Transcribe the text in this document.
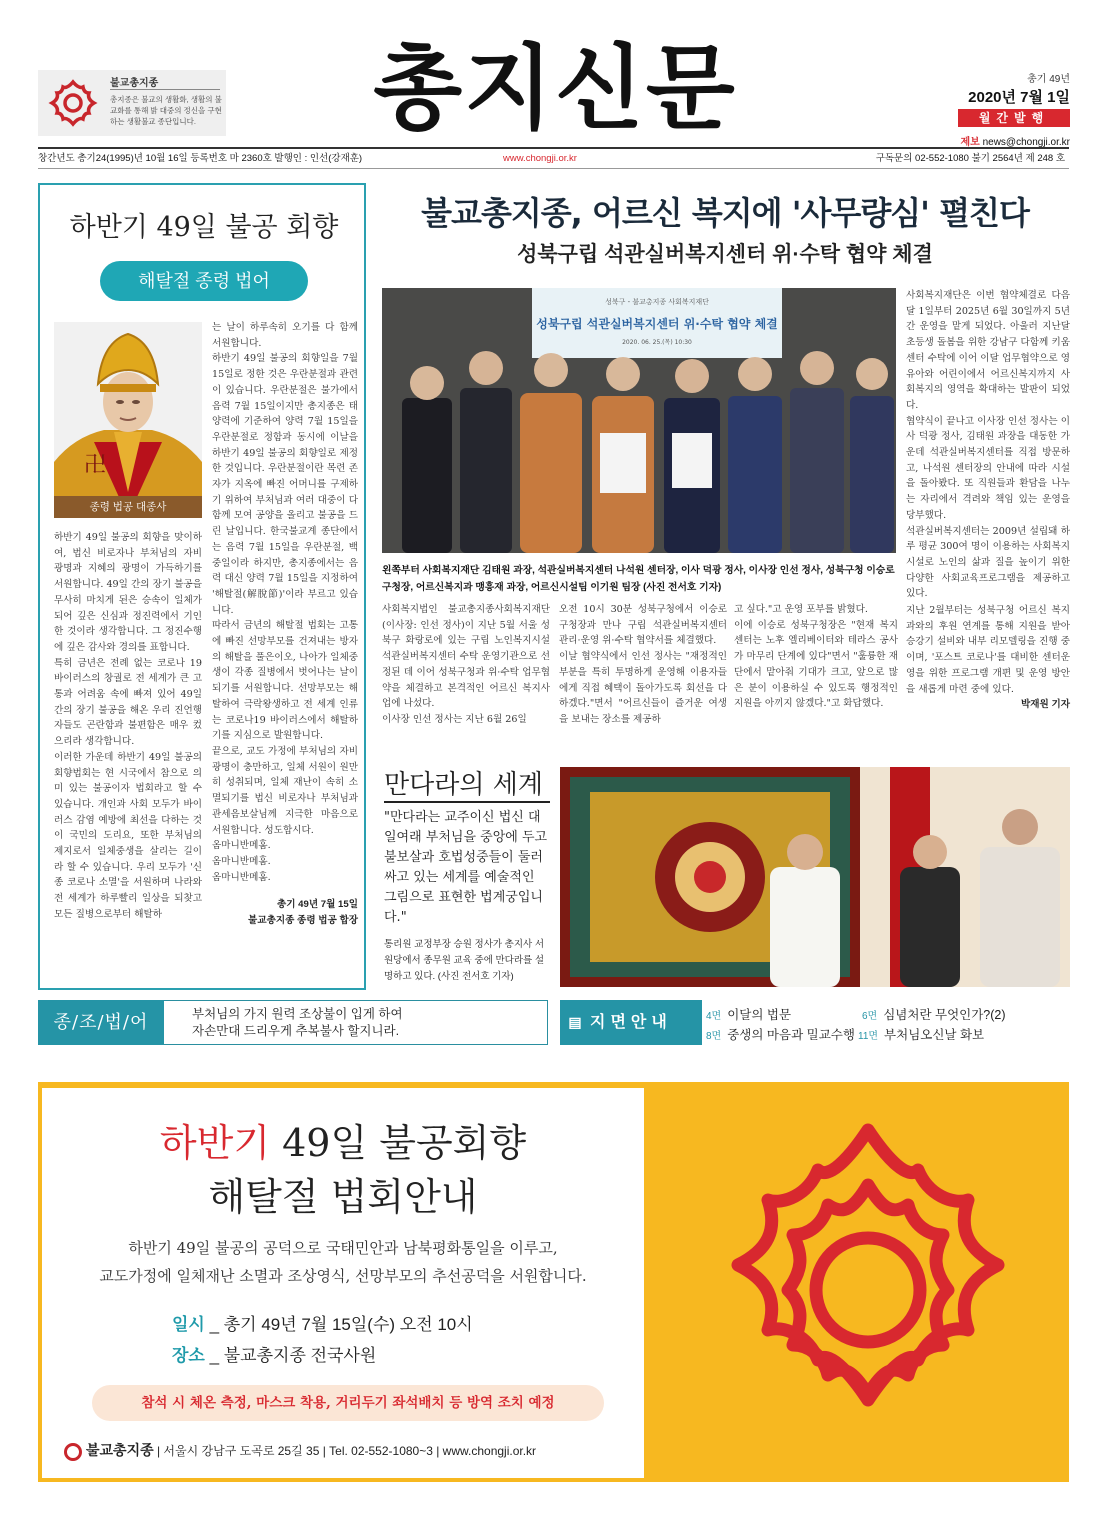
불교총지종
총지종은 불교의 생활화, 생활의 불교화를 통해 밝 대중의 정신을 구현하는 생활불교 종단입니다. 총지신문	총기 49년
2020년 7월 1일
월간발행
제보 news@chongji.or.kr
창간년도 총기24(1995)년 10월 16일 등록번호 마 2360호 발행인 : 인선(강재훈)	www.chongji.or.kr	구독문의 02-552-1080 불기 2564년 제 248 호
하반기 49일 불공 회향
해탈절 종령 법어
卍
종령 법공 대종사
하반기 49일 불공의 회향을 맞이하여, 법신 비로자나 부처님의 자비 광명과 지혜의 광명이 가득하기를 서원합니다. 49일 간의 장기 불공을 무사히 마치게 된은 승속이 일체가 되어 깊은 신심과 정진력에서 기인한 것이라 생각합니다. 그 정진수행에 깊은 감사와 경의를 표합니다.
특히 금년은 전례 없는 코로나 19 바이러스의 창궐로 전 세계가 큰 고통과 어려움 속에 빠져 있어 49일 간의 장기 불공을 해온 우리 진언행자들도 곤란함과 불편함은 매우 컸으리라 생각합니다.
이러한 가운데 하반기 49일 불공의 회향법회는 현 시국에서 참으로 의미 있는 불공이자 법회라고 할 수 있습니다. 개인과 사회 모두가 바이러스 감염 예방에 최선을 다하는 것이 국민의 도리요, 또한 부처님의 제지로서 일체중생을 살리는 길이라 할 수 있습니다. 우리 모두가 '신종 코로나 소멸'을 서원하며 나라와 전 세계가 하루빨리 일상을 되찾고 모든 질병으로부터 해탈하
는 날이 하루속히 오기를 다 함께 서원합니다.
하반기 49일 불공의 회향일을 7월 15일로 정한 것은 우란분절과 관련이 있습니다. 우란분절은 불가에서 음력 7월 15일이지만 총지종은 태양력에 기준하여 양력 7월 15일을 우란분절로 정함과 동시에 이날을 하반기 49일 불공의 회향일로 제정한 것입니다. 우란분절이란 목련 존자가 지옥에 빠진 어머니를 구제하기 위하여 부처님과 여러 대중이 다함께 모여 공양을 올리고 불공을 드린 날입니다. 한국불교계 종단에서는 음력 7월 15일을 우란분절, 백중일이라 하지만, 총지종에서는 음력 대신 양력 7월 15일을 지정하여 '해탈절(解脫節)'이라 부르고 있습니다.
따라서 금년의 해탈절 법회는 고통에 빠진 선망부모를 건져내는 방자의 해탈을 풀은이오, 나아가 일체중생이 각종 질병에서 벗어나는 날이 되기를 서원합니다. 선망부모는 해탈하여 극락왕생하고 전 세계 인류는 코로나19 바이러스에서 해탈하기를 지심으로 발원합니다.
끝으로, 교도 가정에 부처님의 자비 광명이 충만하고, 일체 서원이 원만히 성취되며, 일체 재난이 속히 소멸되기를 법신 비로자나 부처님과 관세음보살님께 지극한 마음으로 서원합니다. 성도합시다.
옴마니반메훔.
옴마니반메훔.
옴마니반메훔.
총기 49년 7월 15일
불교총지종 종령 법공 합장
불교총지종, 어르신 복지에 '사무량심' 펼친다
성북구립 석관실버복지센터 위·수탁 협약 체결
성북구립 석관실버복지센터 위·수탁 협약 체결
성북구 - 불교총지종 사회복지재단
2020. 06. 25.(목) 10:30
왼쪽부터 사회복지재단 김태원 과장, 석관실버복지센터 나석원 센터장, 이사 덕광 정사, 이사장 인선 정사, 성북구청 이승로 구청장, 어르신복지과 맹흥재 과장, 어르신시설팀 이기원 팀장 (사진 전서호 기자)
사회복지재단은 이번 협약체결로 다음 달 1일부터 2025년 6월 30일까지 5년간 운영을 맡게 되었다. 아울러 지난달 초등생 돌봄을 위한 강남구 다함께 키움센터 수탁에 이어 이달 업무협약으로 영유아와 어린이에서 어르신복지까지 사회복지의 영역을 확대하는 발판이 되었다.
협약식이 끝나고 이사장 인선 정사는 이사 덕광 정사, 김태원 과장을 대동한 가운데 석관실버복지센터를 직접 방문하고, 나석원 센터장의 안내에 따라 시설을 돌아봤다. 또 직원들과 환담을 나누는 자리에서 격려와 책임 있는 운영을 당부했다.
석관실버복지센터는 2009년 설립돼 하루 평균 300여 명이 이용하는 사회복지시설로 노인의 삶과 질을 높이기 위한 다양한 사회교육프로그램을 제공하고 있다.
사회복지법인 불교총지종사회복지재단(이사장: 인선 정사)이 지난 5월 서울 성북구 화랑로에 있는 구립 노인복지시설 석관실버복지센터 수탁 운영기관으로 선정된 데 이어 성북구청과 위·수탁 업무협약을 체결하고 본격적인 어르신 복지사업에 나섰다.
이사장 인선 정사는 지난 6월 26일
오전 10시 30분 성북구청에서 이승로 구청장과 만나 구립 석관실버복지센터 관리·운영 위·수탁 협약서를 체결했다.
이날 협약식에서 인선 정사는 "재정적인 부분을 특히 투명하게 운영해 이용자들에게 직접 혜택이 돌아가도록 회선을 다하겠다."면서 "어르신들이 즐거운 여생을 보내는 장소를 제공하
고 싶다."고 운영 포부를 밝혔다.
이에 이승로 성북구청장은 "현재 복지센터는 노후 엘리베이터와 테라스 공사가 마무리 단계에 있다"면서 "훌륭한 재단에서 맡아줘 기대가 크고, 앞으로 많은 분이 이용하실 수 있도록 행정적인 지원을 아끼지 않겠다."고 화답했다.
지난 2월부터는 성북구청 어르신 복지과와의 후원 연계를 통해 지원을 받아 승강기 설비와 내부 리모델링을 진행 중이며, '포스트 코로나'를 대비한 센터운영을 위한 프로그램 개편 및 운영 방안을 새롭게 마련 중에 있다.
박재원 기자
만다라의 세계
"만다라는 교주이신 법신 대일여래 부처님을 중앙에 두고 불보살과 호법성중들이 둘러싸고 있는 세계를 예술적인 그림으로 표현한 법계궁입니다."
통리원 교정부장 승원 정사가 총지사 서원당에서 종무원 교육 중에 만다라를 설명하고 있다. (사진 전서호 기자)
종/조/법/어	부처님의 가지 원력 조상불이 입게 하여
자손만대 드리우게 추복불사 할지니라.
▤ 지면안내	4면 이달의 법문	6면 심념처란 무엇인가?(2)
8면 중생의 마음과 밀교수행 11면 부처님오신날 화보
하반기 49일 불공회향
해탈절 법회안내
하반기 49일 불공의 공덕으로 국태민안과 남북평화통일을 이루고,
교도가정에 일체재난 소멸과 조상영식, 선망부모의 추선공덕을 서원합니다.
일시 _ 총기 49년 7월 15일(수) 오전 10시
장소 _ 불교총지종 전국사원
참석 시 체온 측정, 마스크 착용, 거리두기 좌석배치 등 방역 조치 예정
불교총지종 | 서울시 강남구 도곡로 25길 35 | Tel. 02-552-1080~3 | www.chongji.or.kr
